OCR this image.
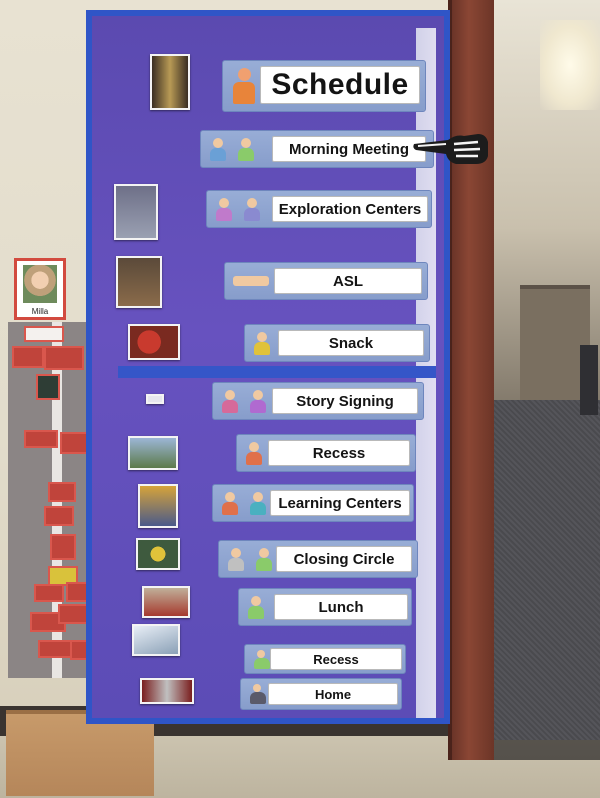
Milla
Schedule
Morning Meeting
Exploration Centers
ASL
Snack
Story Signing
Recess
Learning Centers
Closing Circle
Lunch
Recess
Home
